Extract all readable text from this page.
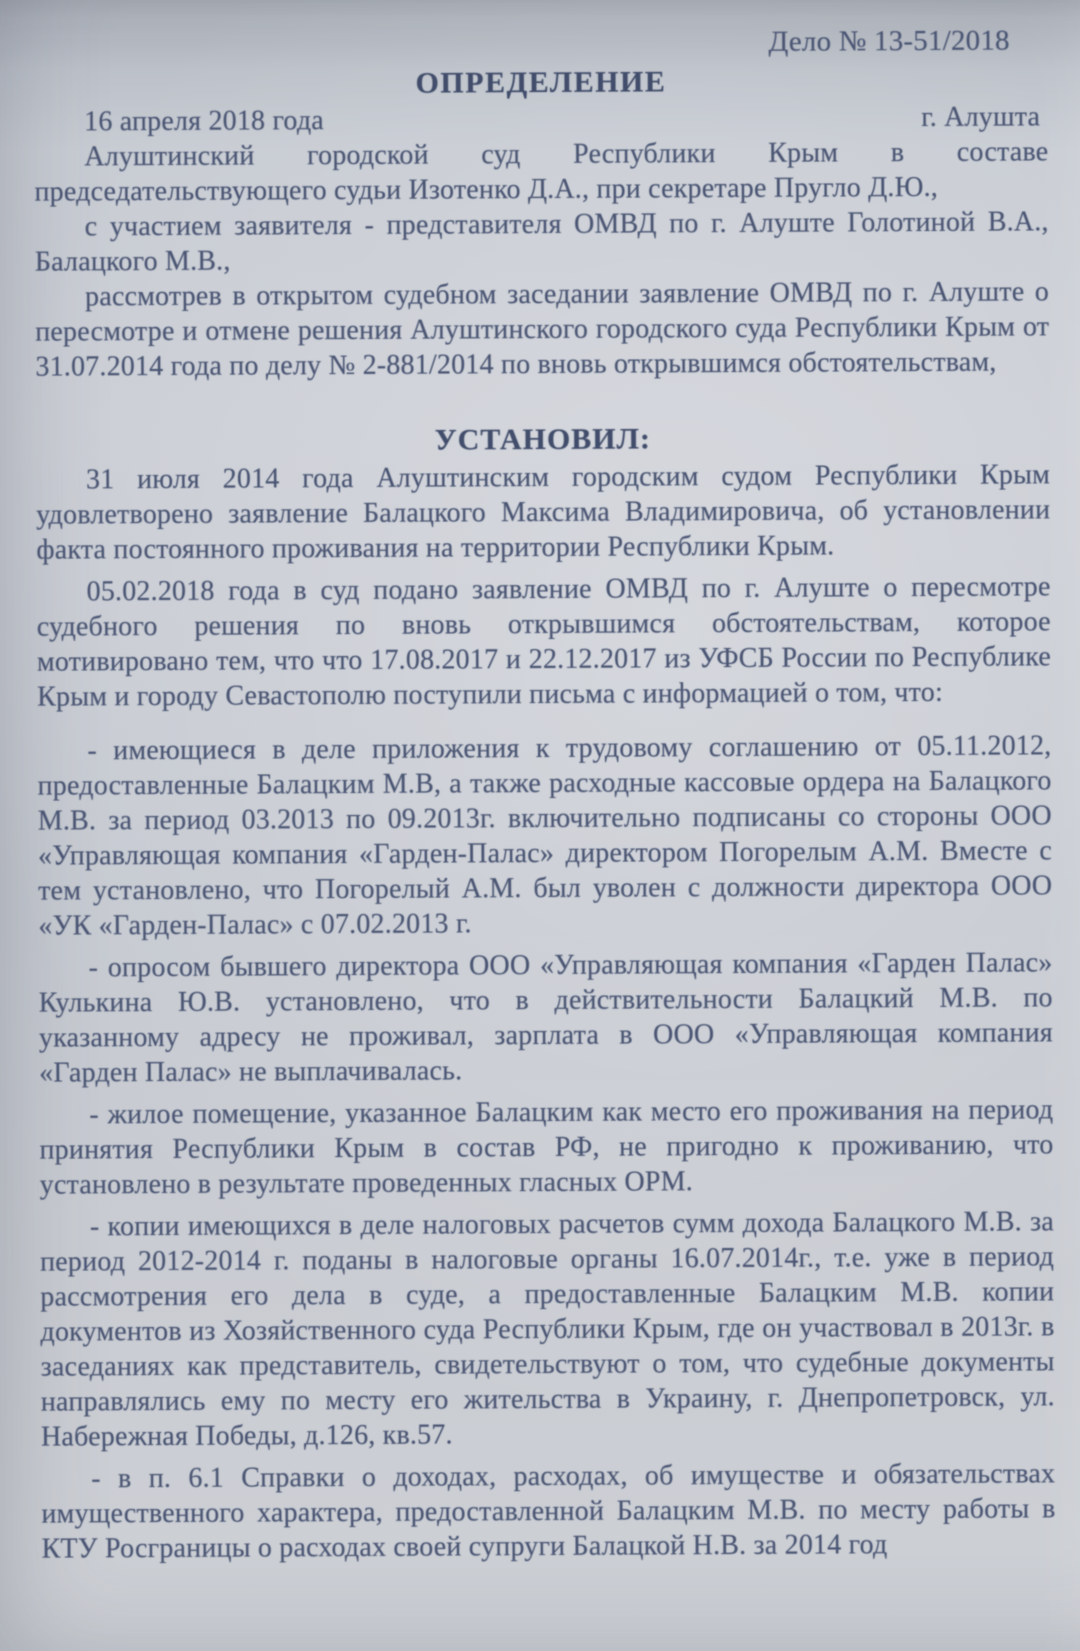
Дело № 13-51/2018

ОПРЕДЕЛЕНИЕ
16 апреля 2018 года	г. Алушта

Алуштинский городской суд Республики Крым в составе председательствующего судьи Изотенко Д.А., при секретаре Пругло Д.Ю.,

с участием заявителя - представителя ОМВД по г. Алуште Голотиной В.А., Балацкого М.В.,

рассмотрев в открытом судебном заседании заявление ОМВД по г. Алуште о пересмотре и отмене решения Алуштинского городского суда Республики Крым от 31.07.2014 года по делу № 2-881/2014 по вновь открывшимся обстоятельствам,

УСТАНОВИЛ:

31 июля 2014 года Алуштинским городским судом Республики Крым удовлетворено заявление Балацкого Максима Владимировича, об установлении факта постоянного проживания на территории Республики Крым.

05.02.2018 года в суд подано заявление ОМВД по г. Алуште о пересмотре судебного решения по вновь открывшимся обстоятельствам, которое мотивировано тем, что что 17.08.2017 и 22.12.2017 из УФСБ России по Республике Крым и городу Севастополю поступили письма с информацией о том, что:

- имеющиеся в деле приложения к трудовому соглашению от 05.11.2012, предоставленные Балацким М.В, а также расходные кассовые ордера на Балацкого М.В. за период 03.2013 по 09.2013г. включительно подписаны со стороны ООО «Управляющая компания «Гарден-Палас» директором Погорелым А.М. Вместе с тем установлено, что Погорелый А.М. был уволен с должности директора ООО «УК «Гарден-Палас» с 07.02.2013 г.

- опросом бывшего директора ООО «Управляющая компания «Гарден Палас» Кулькина Ю.В. установлено, что в действительности Балацкий М.В. по указанному адресу не проживал, зарплата в ООО «Управляющая компания «Гарден Палас» не выплачивалась.

- жилое помещение, указанное Балацким как место его проживания на период принятия Республики Крым в состав РФ, не пригодно к проживанию, что установлено в результате проведенных гласных ОРМ.

- копии имеющихся в деле налоговых расчетов сумм дохода Балацкого М.В. за период 2012-2014 г. поданы в налоговые органы 16.07.2014г., т.е. уже в период рассмотрения его дела в суде, а предоставленные Балацким М.В. копии документов из Хозяйственного суда Республики Крым, где он участвовал в 2013г. в заседаниях как представитель, свидетельствуют о том, что судебные документы направлялись ему по месту его жительства в Украину, г. Днепропетровск, ул. Набережная Победы, д.126, кв.57.

- в п. 6.1 Справки о доходах, расходах, об имуществе и обязательствах имущественного характера, предоставленной Балацким М.В. по месту работы в КТУ Росграницы о расходах своей супруги Балацкой Н.В. за 2014 год
